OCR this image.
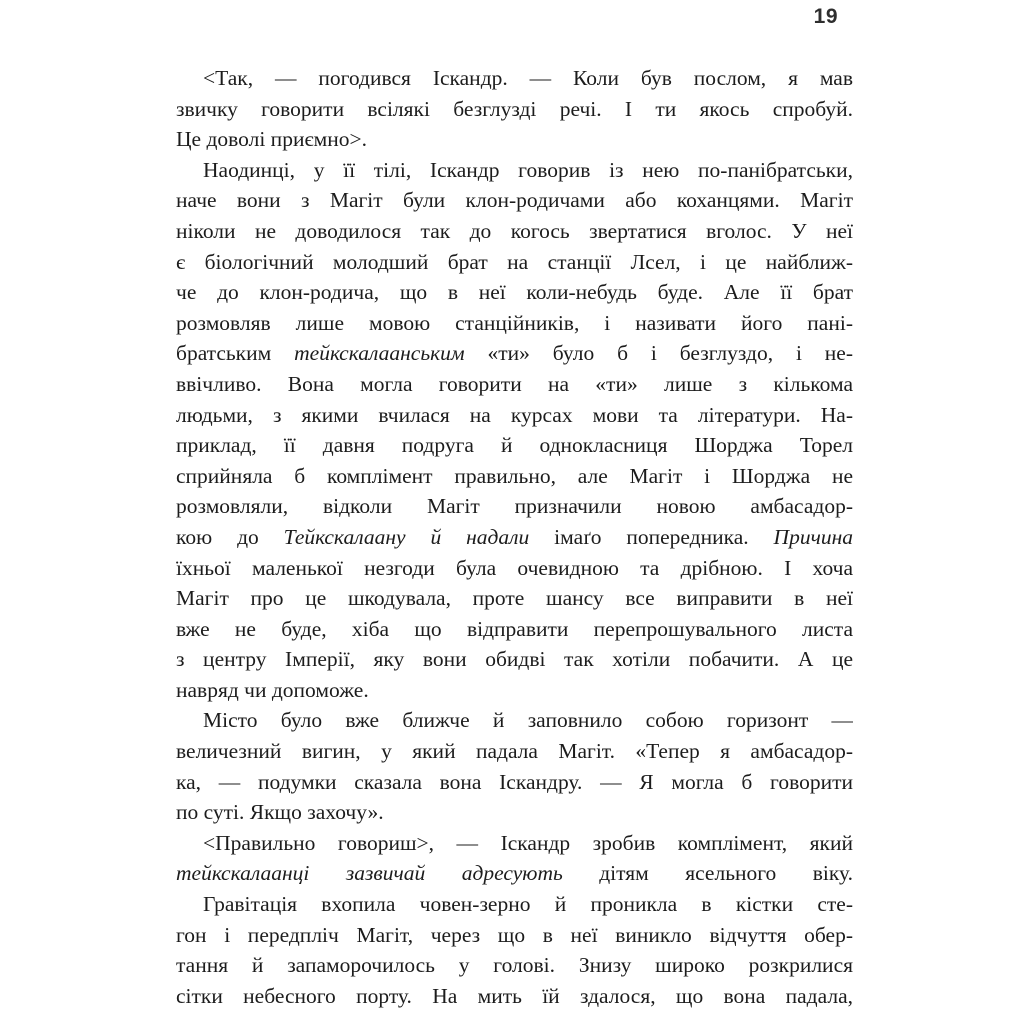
19
<Так, — погодився Іскандр. — Коли був послом, я мав
звичку говорити всілякі безглузді речі. І ти якось спробуй.
Це доволі приємно>.
Наодинці, у її тілі, Іскандр говорив із нею по-панібратськи,
наче вони з Магіт були клон-родичами або коханцями. Магіт
ніколи не доводилося так до когось звертатися вголос. У неї
є біологічний молодший брат на станції Лсел, і це найближ-
че до клон-родича, що в неї коли-небудь буде. Але її брат
розмовляв лише мовою станційників, і називати його пані-
братським тейкскалаанським «ти» було б і безглуздо, і не-
ввічливо. Вона могла говорити на «ти» лише з кількома
людьми, з якими вчилася на курсах мови та літератури. На-
приклад, її давня подруга й однокласниця Шорджа Торел
сприйняла б комплімент правильно, але Магіт і Шорджа не
розмовляли, відколи Магіт призначили новою амбасадор-
кою до Тейкскалаану й надали імаґо попередника. Причина
їхньої маленької незгоди була очевидною та дрібною. І хоча
Магіт про це шкодувала, проте шансу все виправити в неї
вже не буде, хіба що відправити перепрошувального листа
з центру Імперії, яку вони обидві так хотіли побачити. А це
навряд чи допоможе.
Місто було вже ближче й заповнило собою горизонт —
величезний вигин, у який падала Магіт. «Тепер я амбасадор-
ка, — подумки сказала вона Іскандру. — Я могла б говорити
по суті. Якщо захочу».
<Правильно говориш>, — Іскандр зробив комплімент, який
тейкскалаанці зазвичай адресують дітям ясельного віку.
Гравітація вхопила човен-зерно й проникла в кістки сте-
гон і передпліч Магіт, через що в неї виникло відчуття обер-
тання й запаморочилось у голові. Знизу широко розкрилися
сітки небесного порту. На мить їй здалося, що вона падала,
